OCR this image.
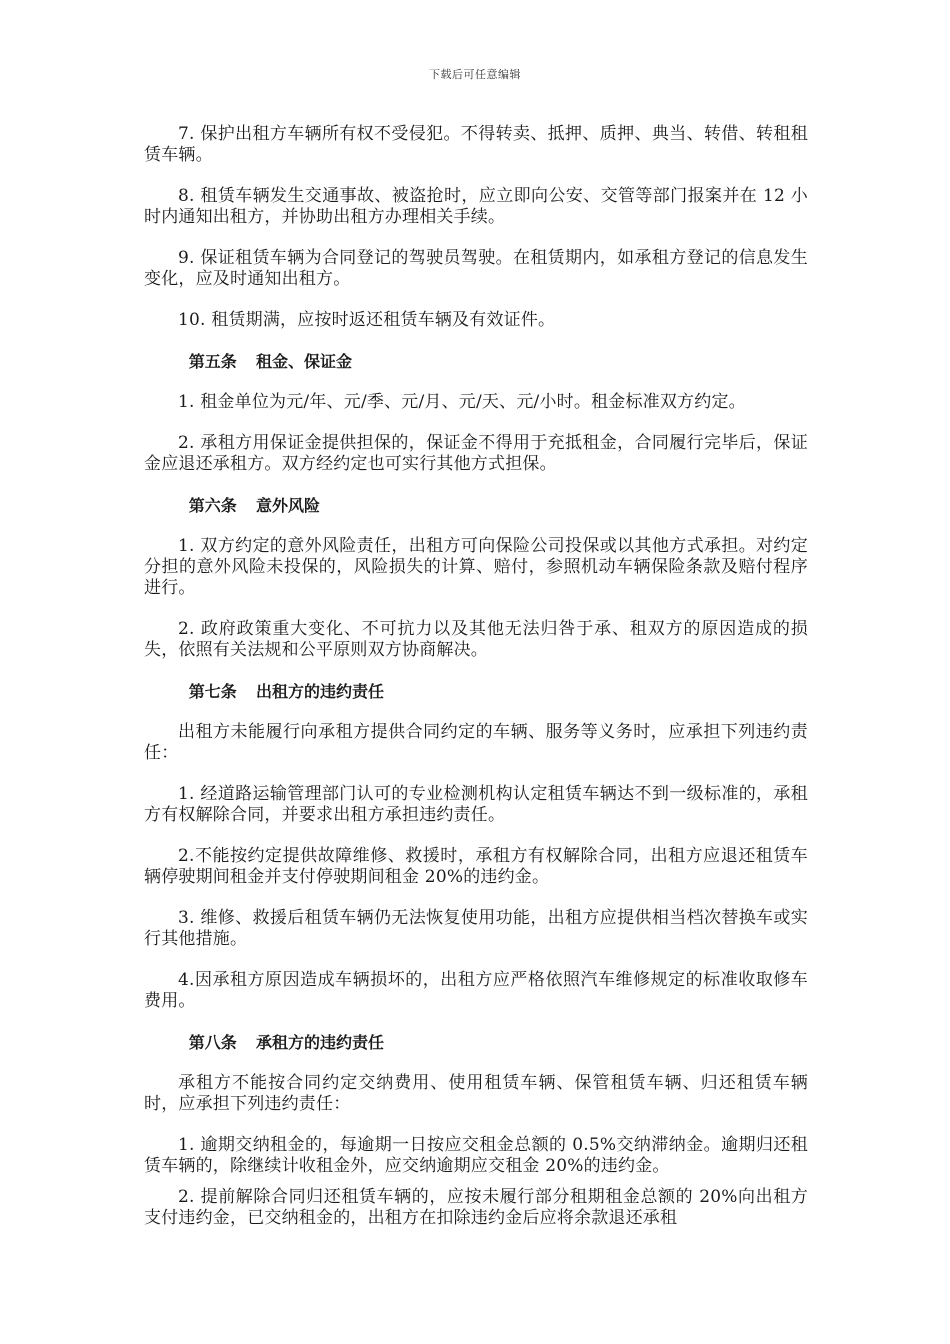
下载后可任意编辑

7. 保护出租方车辆所有权不受侵犯。不得转卖、抵押、质押、典当、转借、转租租赁车辆。

8. 租赁车辆发生交通事故、被盗抢时，应立即向公安、交管等部门报案并在 12 小时内通知出租方，并协助出租方办理相关手续。

9. 保证租赁车辆为合同登记的驾驶员驾驶。在租赁期内，如承租方登记的信息发生变化，应及时通知出租方。

10. 租赁期满，应按时返还租赁车辆及有效证件。

第五条 租金、保证金

1. 租金单位为元/年、元/季、元/月、元/天、元/小时。租金标准双方约定。

2. 承租方用保证金提供担保的，保证金不得用于充抵租金，合同履行完毕后，保证金应退还承租方。双方经约定也可实行其他方式担保。

第六条 意外风险

1. 双方约定的意外风险责任，出租方可向保险公司投保或以其他方式承担。对约定分担的意外风险未投保的，风险损失的计算、赔付，参照机动车辆保险条款及赔付程序进行。

2. 政府政策重大变化、不可抗力以及其他无法归咎于承、租双方的原因造成的损失，依照有关法规和公平原则双方协商解决。

第七条 出租方的违约责任

出租方未能履行向承租方提供合同约定的车辆、服务等义务时，应承担下列违约责任：

1. 经道路运输管理部门认可的专业检测机构认定租赁车辆达不到一级标准的，承租方有权解除合同，并要求出租方承担违约责任。

2.不能按约定提供故障维修、救援时，承租方有权解除合同，出租方应退还租赁车辆停驶期间租金并支付停驶期间租金 20%的违约金。

3. 维修、救援后租赁车辆仍无法恢复使用功能，出租方应提供相当档次替换车或实行其他措施。

4.因承租方原因造成车辆损坏的，出租方应严格依照汽车维修规定的标准收取修车费用。

第八条 承租方的违约责任

承租方不能按合同约定交纳费用、使用租赁车辆、保管租赁车辆、归还租赁车辆时，应承担下列违约责任：

1. 逾期交纳租金的，每逾期一日按应交租金总额的 0.5%交纳滞纳金。逾期归还租赁车辆的，除继续计收租金外，应交纳逾期应交租金 20%的违约金。

2. 提前解除合同归还租赁车辆的，应按未履行部分租期租金总额的 20%向出租方支付违约金，已交纳租金的，出租方在扣除违约金后应将余款退还承租
